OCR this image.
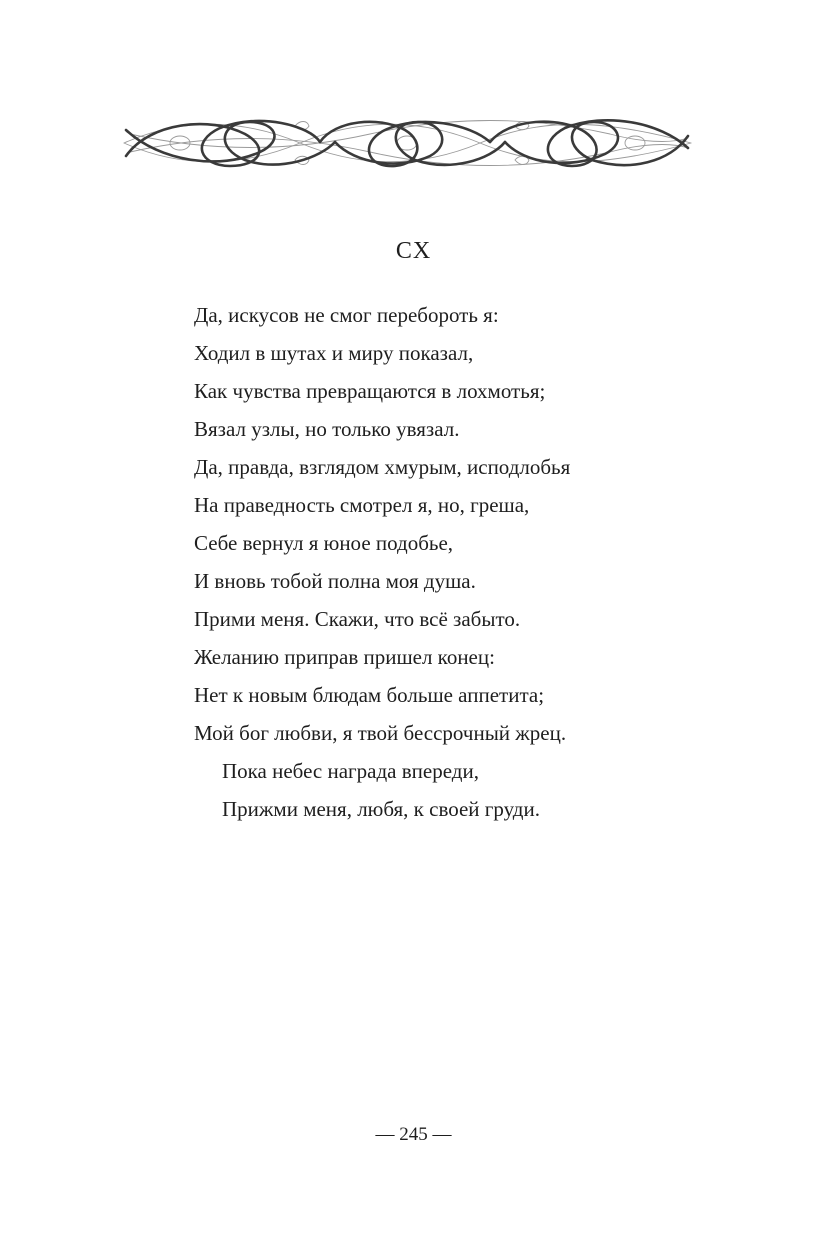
CX
Да, искусов не смог перебороть я:
Ходил в шутах и миру показал,
Как чувства превращаются в лохмотья;
Вязал узлы, но только увязал.
Да, правда, взглядом хмурым, исподлобья
На праведность смотрел я, но, греша,
Себе вернул я юное подобье,
И вновь тобой полна моя душа.
Прими меня. Скажи, что всё забыто.
Желанию приправ пришел конец:
Нет к новым блюдам больше аппетита;
Мой бог любви, я твой бессрочный жрец.
Пока небес награда впереди,
Прижми меня, любя, к своей груди.
— 245 —
